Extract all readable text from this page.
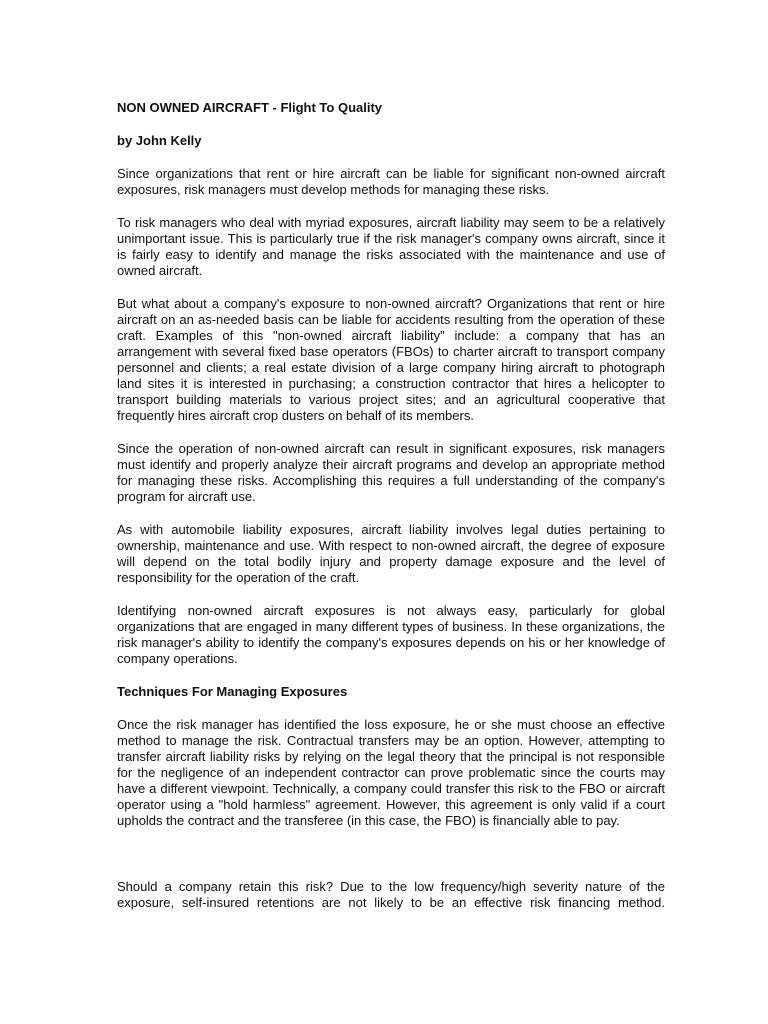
NON OWNED AIRCRAFT - Flight To Quality

by John Kelly

Since organizations that rent or hire aircraft can be liable for significant non-owned aircraft exposures, risk managers must develop methods for managing these risks.

To risk managers who deal with myriad exposures, aircraft liability may seem to be a relatively unimportant issue. This is particularly true if the risk manager's company owns aircraft, since it is fairly easy to identify and manage the risks associated with the maintenance and use of owned aircraft.

But what about a company's exposure to non-owned aircraft? Organizations that rent or hire aircraft on an as-needed basis can be liable for accidents resulting from the operation of these craft. Examples of this "non-owned aircraft liability" include: a company that has an arrangement with several fixed base operators (FBOs) to charter aircraft to transport company personnel and clients; a real estate division of a large company hiring aircraft to photograph land sites it is interested in purchasing; a construction contractor that hires a helicopter to transport building materials to various project sites; and an agricultural cooperative that frequently hires aircraft crop dusters on behalf of its members.

Since the operation of non-owned aircraft can result in significant exposures, risk managers must identify and properly analyze their aircraft programs and develop an appropriate method for managing these risks. Accomplishing this requires a full understanding of the company's program for aircraft use.

As with automobile liability exposures, aircraft liability involves legal duties pertaining to ownership, maintenance and use. With respect to non-owned aircraft, the degree of exposure will depend on the total bodily injury and property damage exposure and the level of responsibility for the operation of the craft.

Identifying non-owned aircraft exposures is not always easy, particularly for global organizations that are engaged in many different types of business. In these organizations, the risk manager's ability to identify the company's exposures depends on his or her knowledge of company operations.

Techniques For Managing Exposures

Once the risk manager has identified the loss exposure, he or she must choose an effective method to manage the risk. Contractual transfers may be an option. However, attempting to transfer aircraft liability risks by relying on the legal theory that the principal is not responsible for the negligence of an independent contractor can prove problematic since the courts may have a different viewpoint. Technically, a company could transfer this risk to the FBO or aircraft operator using a "hold harmless" agreement. However, this agreement is only valid if a court upholds the contract and the transferee (in this case, the FBO) is financially able to pay.

Should a company retain this risk? Due to the low frequency/high severity nature of the exposure, self-insured retentions are not likely to be an effective risk financing method.
